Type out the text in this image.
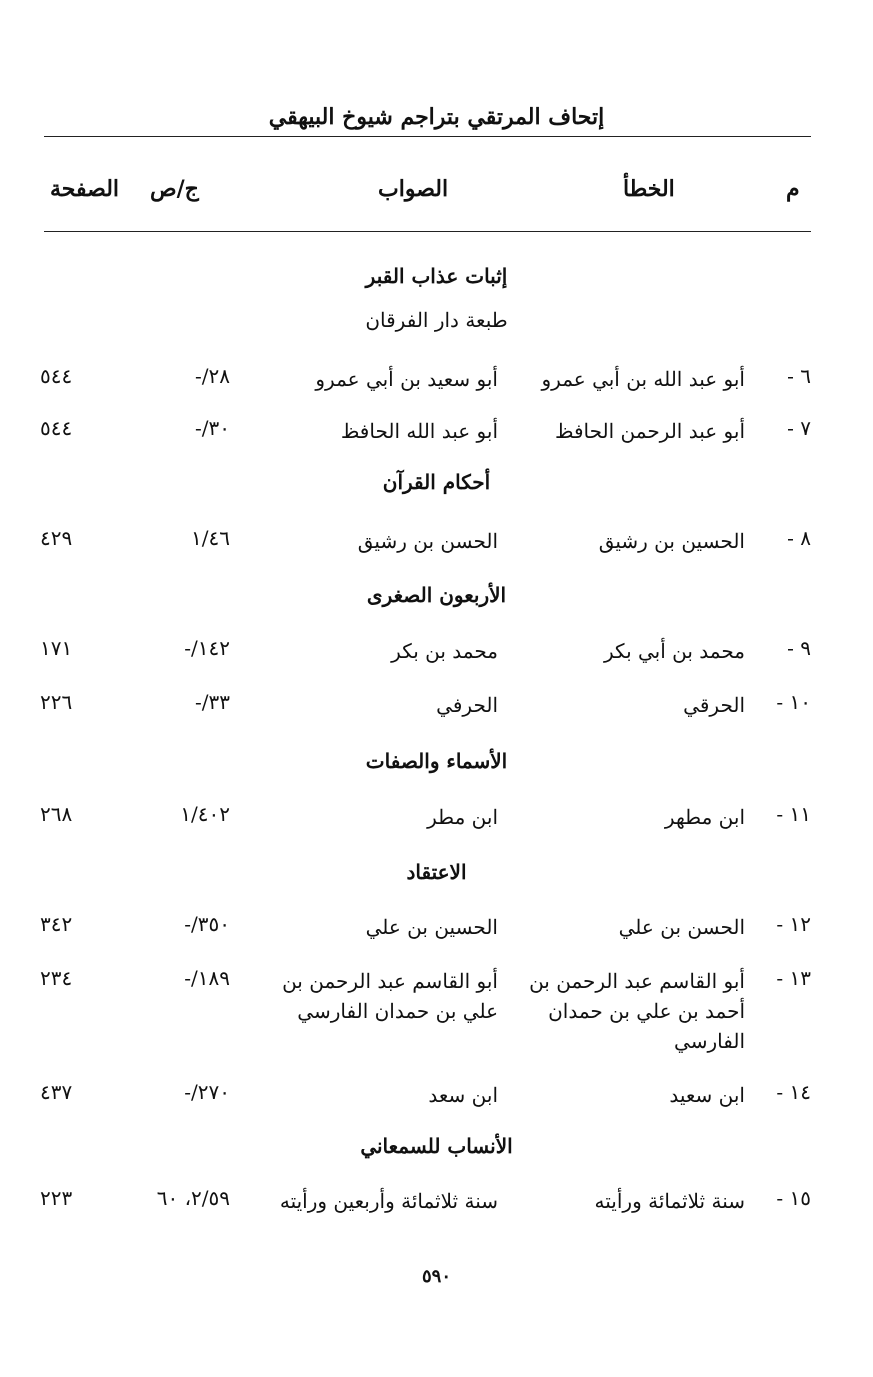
إتحاف المرتقي بتراجم شيوخ البيهقي
م
الخطأ
الصواب
ج/ص
الصفحة
إثبات عذاب القبر
طبعة دار الفرقان
٦ -
أبو عبد الله بن أبي عمرو
أبو سعيد بن أبي عمرو
-/٢٨
٥٤٤
٧ -
أبو عبد الرحمن الحافظ
أبو عبد الله الحافظ
-/٣٠
٥٤٤
أحكام القرآن
٨ -
الحسين بن رشيق
الحسن بن رشيق
١/٤٦
٤٢٩
الأربعون الصغرى
٩ -
محمد بن أبي بكر
محمد بن بكر
-/١٤٢
١٧١
١٠ -
الحرقي
الحرفي
-/٣٣
٢٢٦
الأسماء والصفات
١١ -
ابن مطهر
ابن مطر
١/٤٠٢
٢٦٨
الاعتقاد
١٢ -
الحسن بن علي
الحسين بن علي
-/٣٥٠
٣٤٢
١٣ -
أبو القاسم عبد الرحمن بن أحمد بن علي بن حمدان الفارسي
أبو القاسم عبد الرحمن بن علي بن حمدان الفارسي
-/١٨٩
٢٣٤
١٤ -
ابن سعيد
ابن سعد
-/٢٧٠
٤٣٧
الأنساب للسمعاني
١٥ -
سنة ثلاثمائة ورأيته
سنة ثلاثمائة وأربعين ورأيته
٢/٥٩، ٦٠
٢٢٣
٥٩٠
